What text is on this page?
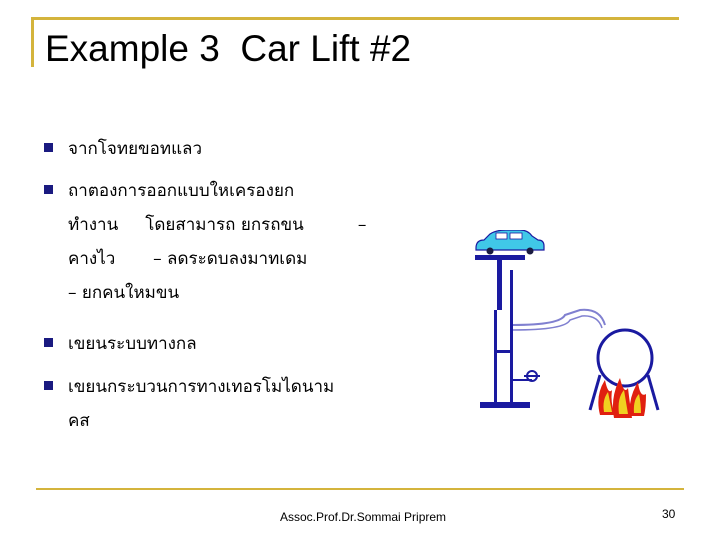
Example 3  Car Lift #2
จากโจทยขอทแลว
ถาตองการออกแบบใหเครองยก
ทำงาน     โดยสามารถ ยกรถขน          –
คางไว       – ลดระดบลงมาทเดม
– ยกคนใหมขน
เขยนระบบทางกล
เขยนกระบวนการทางเทอรโมไดนาม
คส
Assoc.Prof.Dr.Sommai Priprem	30
